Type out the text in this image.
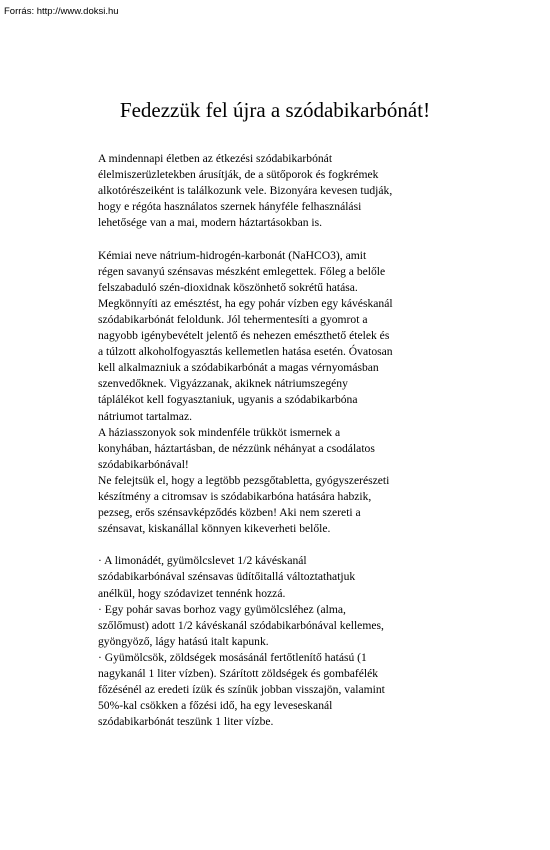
Forrás: http://www.doksi.hu
Fedezzük fel újra a szódabikarbónát!
A mindennapi életben az étkezési szódabikarbónát
élelmiszerüzletekben árusítják, de a sütőporok és fogkrémek
alkotórészeiként is találkozunk vele. Bizonyára kevesen tudják,
hogy e régóta használatos szernek hányféle felhasználási
lehetősége van a mai, modern háztartásokban is.
Kémiai neve nátrium-hidrogén-karbonát (NaHCO3), amit
régen savanyú szénsavas mészként emlegettek. Főleg a belőle
felszabaduló szén-dioxidnak köszönhető sokrétű hatása.
Megkönnyíti az emésztést, ha egy pohár vízben egy kávéskanál
szódabikarbónát feloldunk. Jól tehermentesíti a gyomrot a
nagyobb igénybevételt jelentő és nehezen emészthető ételek és
a túlzott alkoholfogyasztás kellemetlen hatása esetén. Óvatosan
kell alkalmazniuk a szódabikarbónát a magas vérnyomásban
szenvedőknek. Vigyázzanak, akiknek nátriumszegény
táplálékot kell fogyasztaniuk, ugyanis a szódabikarbóna
nátriumot tartalmaz.
A háziasszonyok sok mindenféle trükköt ismernek a
konyhában, háztartásban, de nézzünk néhányat a csodálatos
szódabikarbónával!
Ne felejtsük el, hogy a legtöbb pezsgőtabletta, gyógyszerészeti
készítmény a citromsav is szódabikarbóna hatására habzik,
pezseg, erős szénsavképződés közben! Aki nem szereti a
szénsavat, kiskanállal könnyen kikeverheti belőle.
· A limonádét, gyümölcslevet 1/2 kávéskanál
szódabikarbónával szénsavas üdítőitallá változtathatjuk
anélkül, hogy szódavizet tennénk hozzá.
· Egy pohár savas borhoz vagy gyümölcsléhez (alma,
szőlőmust) adott 1/2 kávéskanál szódabikarbónával kellemes,
gyöngyöző, lágy hatású italt kapunk.
· Gyümölcsök, zöldségek mosásánál fertőtlenítő hatású (1
nagykanál 1 liter vízben). Szárított zöldségek és gombafélék
főzésénél az eredeti ízük és színük jobban visszajön, valamint
50%-kal csökken a főzési idő, ha egy leveseskanál
szódabikarbónát teszünk 1 liter vízbe.
